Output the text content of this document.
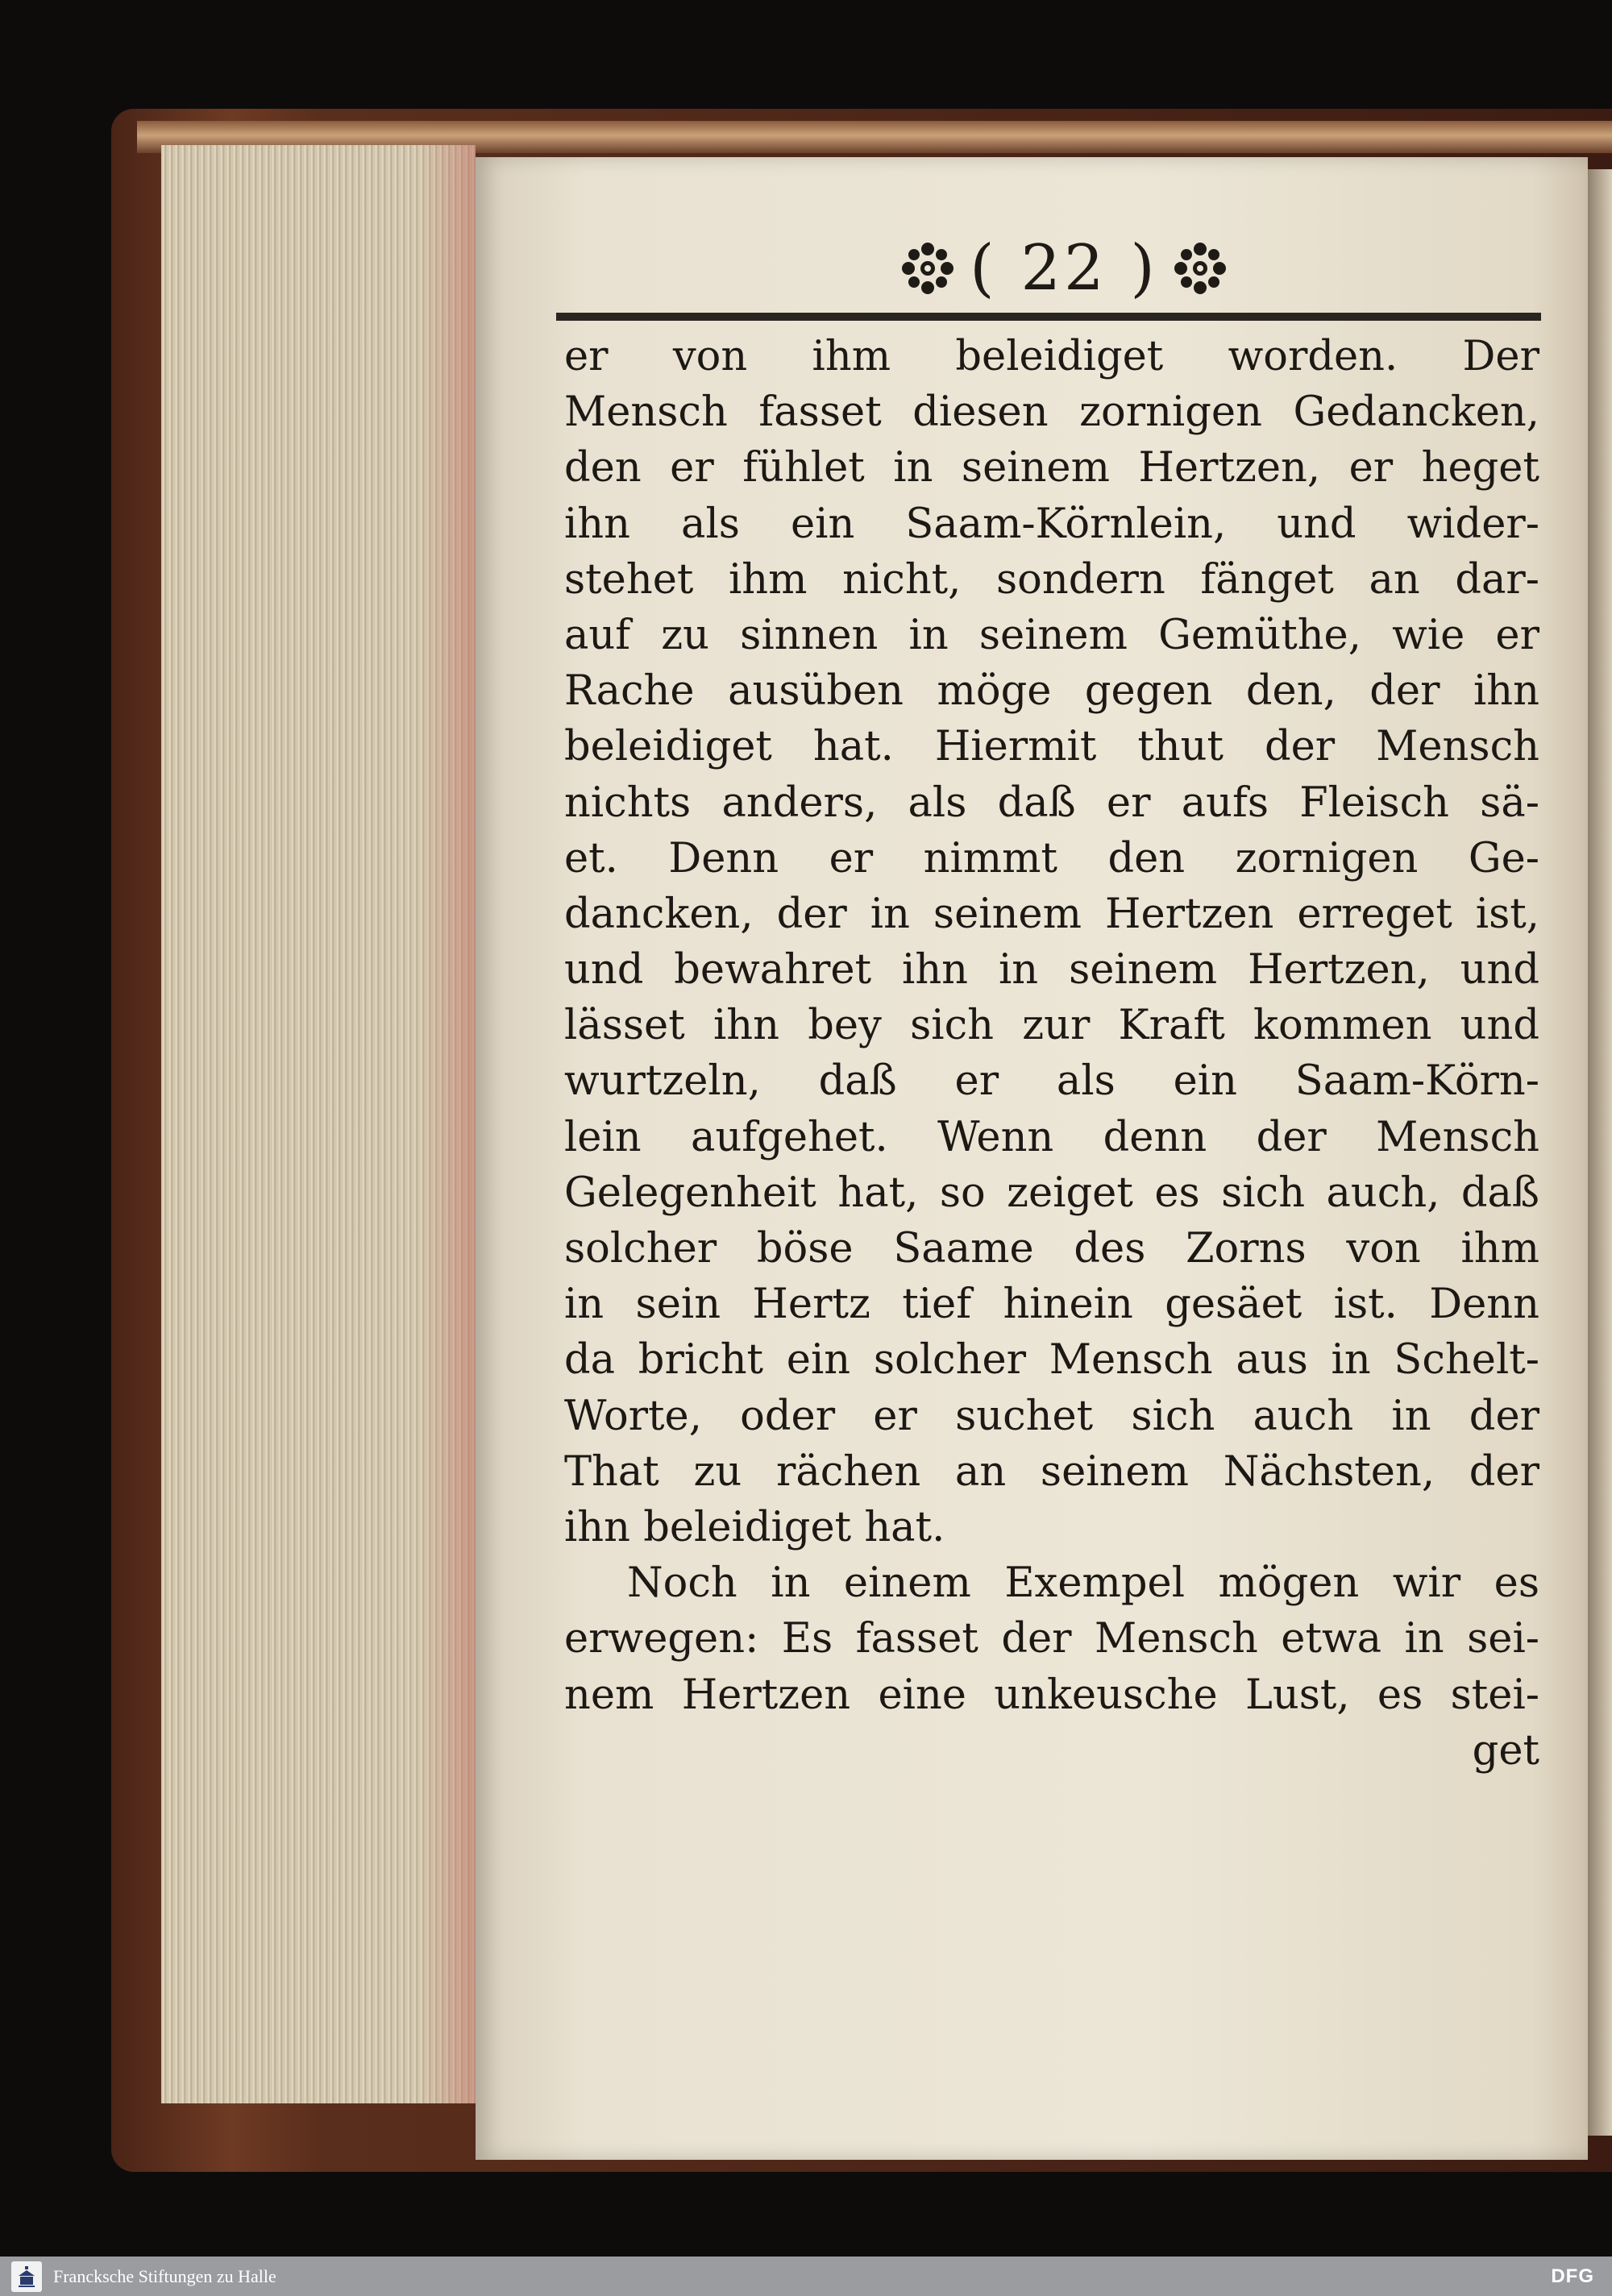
( 22 )
er von ihm beleidiget worden. Der
Mensch fasset diesen zornigen Gedancken,
den er fühlet in seinem Hertzen, er heget
ihn als ein Saam-Körnlein, und wider-
stehet ihm nicht, sondern fänget an dar-
auf zu sinnen in seinem Gemüthe, wie er
Rache ausüben möge gegen den, der ihn
beleidiget hat. Hiermit thut der Mensch
nichts anders, als daß er aufs Fleisch sä-
et. Denn er nimmt den zornigen Ge-
dancken, der in seinem Hertzen erreget ist,
und bewahret ihn in seinem Hertzen, und
lässet ihn bey sich zur Kraft kommen und
wurtzeln, daß er als ein Saam-Körn-
lein aufgehet. Wenn denn der Mensch
Gelegenheit hat, so zeiget es sich auch, daß
solcher böse Saame des Zorns von ihm
in sein Hertz tief hinein gesäet ist. Denn
da bricht ein solcher Mensch aus in Schelt-
Worte, oder er suchet sich auch in der
That zu rächen an seinem Nächsten, der
ihn beleidiget hat.
Noch in einem Exempel mögen wir es
erwegen: Es fasset der Mensch etwa in sei-
nem Hertzen eine unkeusche Lust, es stei-
get
Francksche Stiftungen zu Halle	DFG
